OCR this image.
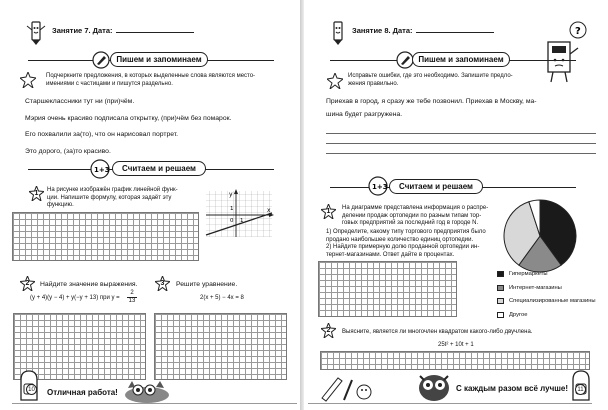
Занятие 7. Дата:
Пишем и запоминаем
Подчеркните предложения, в которых выделенные слова являются место-
имениями с частицами и пишутся раздельно.
Старшеклассники тут ни (при)чём.
Мэрия очень красиво подписала открытку, (при)чём без помарок.
Его похвалили за(то), что он нарисовал портрет.
Это дорого, (за)то красиво.
1+3	Считаем и решаем
1 На рисунке изображён график линейной функ-
ции. Напишите формулу, которая задаёт эту
функцию.
y
x
1
0 1
2 Найдите значение выражения.
(y + 4)(y − 4) + y(−y + 13) при $y = \frac{2}{13}$
3 Решите уравнение.
2(x + 5) − 4x = 8
10 Отличная работа!
Занятие 8. Дата:	?
Пишем и запоминаем
Исправьте ошибки, где это необходимо. Запишите предло-
жения правильно.
Приехав в город, я сразу же тебе позвонил. Приехав в Москву, ма-
шина будет разгружена.
1+3	Считаем и решаем
1 На диаграмме представлена информация о распре-
делении продаж ортопедии по разным типам тор-
говых предприятий за последний год в городе N.
1) Определите, какому типу торгового предприятия было
продано наибольшее количество единиц ортопедии.
2) Найдите примерную долю проданной ортопедии ин-
тернет-магазинами. Ответ дайте в процентах.
Гипермаркеты
Интернет-магазины
Специализированные магазины
Другое
2 Выясните, является ли многочлен квадратом какого-либо двучлена.
25t² + 10t + 1
С каждым разом всё лучше!	11
